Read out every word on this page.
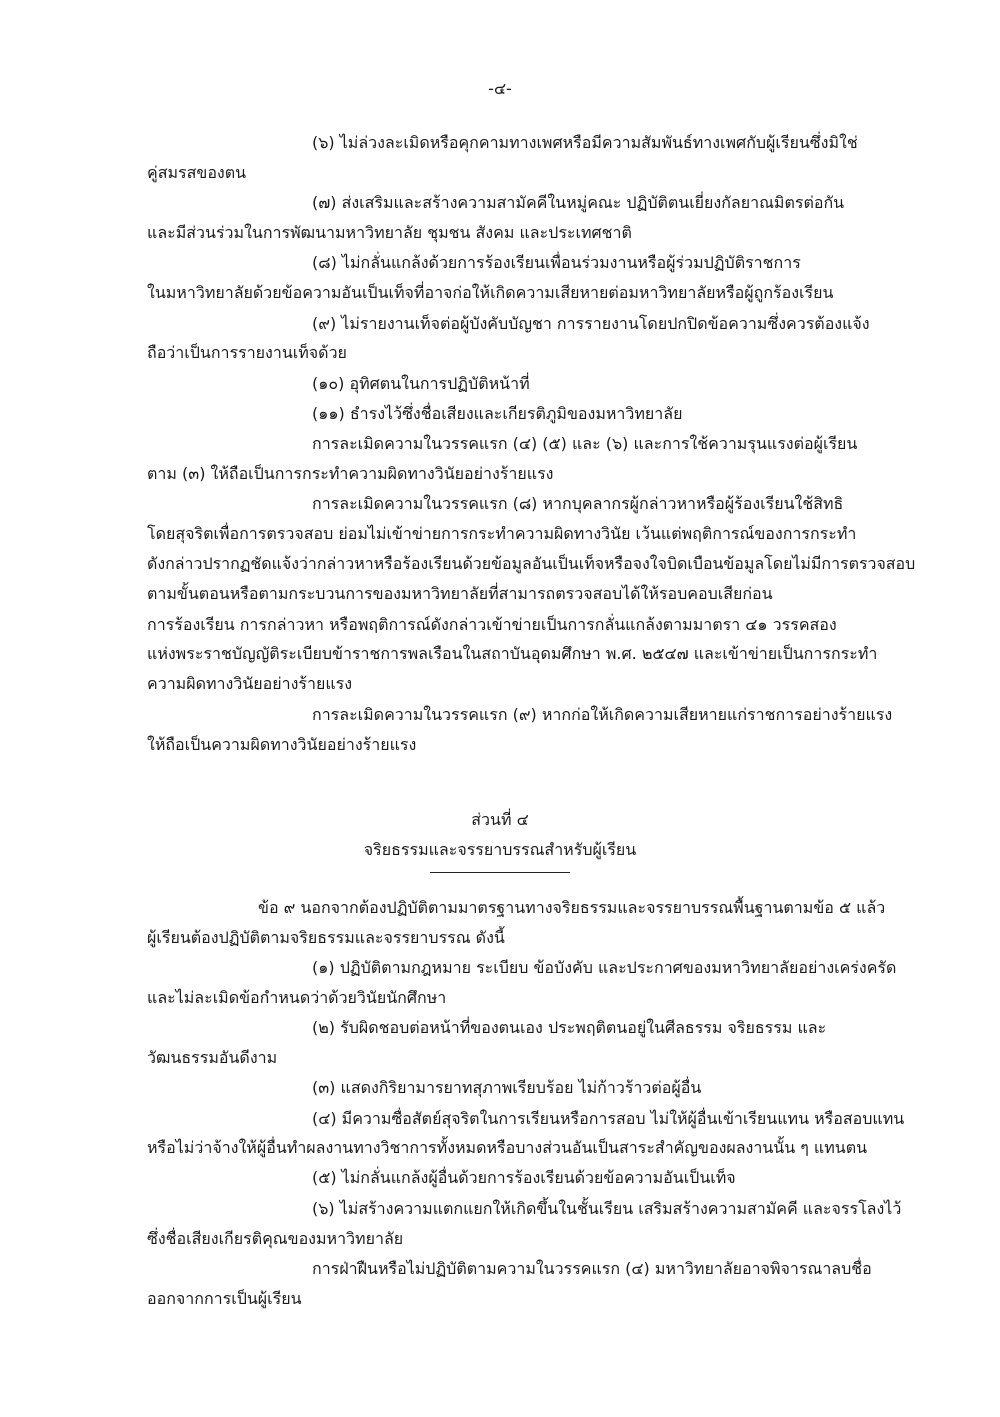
-๔-
(๖) ไม่ล่วงละเมิดหรือคุกคามทางเพศหรือมีความสัมพันธ์ทางเพศกับผู้เรียนซึ่งมิใช่
คู่สมรสของตน
(๗) ส่งเสริมและสร้างความสามัคคีในหมู่คณะ ปฏิบัติตนเยี่ยงกัลยาณมิตรต่อกัน
และมีส่วนร่วมในการพัฒนามหาวิทยาลัย ชุมชน สังคม และประเทศชาติ
(๘) ไม่กลั่นแกล้งด้วยการร้องเรียนเพื่อนร่วมงานหรือผู้ร่วมปฏิบัติราชการ
ในมหาวิทยาลัยด้วยข้อความอันเป็นเท็จที่อาจก่อให้เกิดความเสียหายต่อมหาวิทยาลัยหรือผู้ถูกร้องเรียน
(๙) ไม่รายงานเท็จต่อผู้บังคับบัญชา การรายงานโดยปกปิดข้อความซึ่งควรต้องแจ้ง
ถือว่าเป็นการรายงานเท็จด้วย
(๑๐) อุทิศตนในการปฏิบัติหน้าที่
(๑๑) ธำรงไว้ซึ่งชื่อเสียงและเกียรติภูมิของมหาวิทยาลัย
การละเมิดความในวรรคแรก (๔) (๕) และ (๖) และการใช้ความรุนแรงต่อผู้เรียน
ตาม (๓) ให้ถือเป็นการกระทำความผิดทางวินัยอย่างร้ายแรง
การละเมิดความในวรรคแรก (๘) หากบุคลากรผู้กล่าวหาหรือผู้ร้องเรียนใช้สิทธิ
โดยสุจริตเพื่อการตรวจสอบ ย่อมไม่เข้าข่ายการกระทำความผิดทางวินัย เว้นแต่พฤติการณ์ของการกระทำ
ดังกล่าวปรากฏชัดแจ้งว่ากล่าวหาหรือร้องเรียนด้วยข้อมูลอันเป็นเท็จหรือจงใจบิดเบือนข้อมูลโดยไม่มีการตรวจสอบ
ตามขั้นตอนหรือตามกระบวนการของมหาวิทยาลัยที่สามารถตรวจสอบได้ให้รอบคอบเสียก่อน
การร้องเรียน การกล่าวหา หรือพฤติการณ์ดังกล่าวเข้าข่ายเป็นการกลั่นแกล้งตามมาตรา ๔๑ วรรคสอง
แห่งพระราชบัญญัติระเบียบข้าราชการพลเรือนในสถาบันอุดมศึกษา พ.ศ. ๒๕๔๗ และเข้าข่ายเป็นการกระทำ
ความผิดทางวินัยอย่างร้ายแรง
การละเมิดความในวรรคแรก (๙) หากก่อให้เกิดความเสียหายแก่ราชการอย่างร้ายแรง
ให้ถือเป็นความผิดทางวินัยอย่างร้ายแรง
ส่วนที่ ๔
จริยธรรมและจรรยาบรรณสำหรับผู้เรียน
ข้อ ๙ นอกจากต้องปฏิบัติตามมาตรฐานทางจริยธรรมและจรรยาบรรณพื้นฐานตามข้อ ๕ แล้ว
ผู้เรียนต้องปฏิบัติตามจริยธรรมและจรรยาบรรณ ดังนี้
(๑) ปฏิบัติตามกฎหมาย ระเบียบ ข้อบังคับ และประกาศของมหาวิทยาลัยอย่างเคร่งครัด
และไม่ละเมิดข้อกำหนดว่าด้วยวินัยนักศึกษา
(๒) รับผิดชอบต่อหน้าที่ของตนเอง ประพฤติตนอยู่ในศีลธรรม จริยธรรม และ
วัฒนธรรมอันดีงาม
(๓) แสดงกิริยามารยาทสุภาพเรียบร้อย ไม่ก้าวร้าวต่อผู้อื่น
(๔) มีความซื่อสัตย์สุจริตในการเรียนหรือการสอบ ไม่ให้ผู้อื่นเข้าเรียนแทน หรือสอบแทน
หรือไม่ว่าจ้างให้ผู้อื่นทำผลงานทางวิชาการทั้งหมดหรือบางส่วนอันเป็นสาระสำคัญของผลงานนั้น ๆ แทนตน
(๕) ไม่กลั่นแกล้งผู้อื่นด้วยการร้องเรียนด้วยข้อความอันเป็นเท็จ
(๖) ไม่สร้างความแตกแยกให้เกิดขึ้นในชั้นเรียน เสริมสร้างความสามัคคี และจรรโลงไว้
ซึ่งชื่อเสียงเกียรติคุณของมหาวิทยาลัย
การฝ่าฝืนหรือไม่ปฏิบัติตามความในวรรคแรก (๔) มหาวิทยาลัยอาจพิจารณาลบชื่อ
ออกจากการเป็นผู้เรียน
